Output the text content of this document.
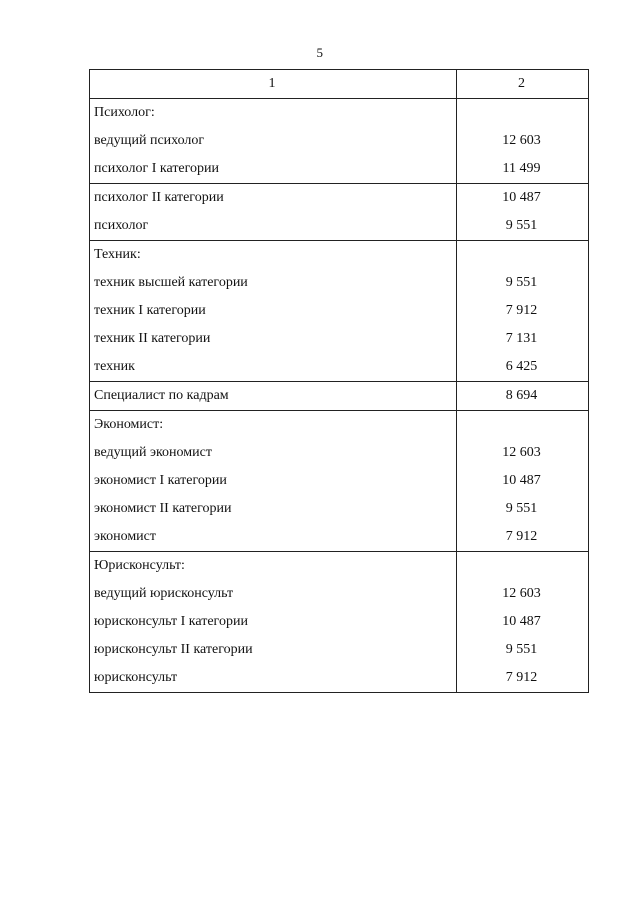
5
1	2
Психолог:	
ведущий психолог	12 603
психолог I категории	11 499
психолог II категории	10 487
психолог	9 551
Техник:	
техник высшей категории	9 551
техник I категории	7 912
техник II категории	7 131
техник	6 425
Специалист по кадрам	8 694
Экономист:	
ведущий экономист	12 603
экономист I категории	10 487
экономист II категории	9 551
экономист	7 912
Юрисконсульт:	
ведущий юрисконсульт	12 603
юрисконсульт I категории	10 487
юрисконсульт II категории	9 551
юрисконсульт	7 912
